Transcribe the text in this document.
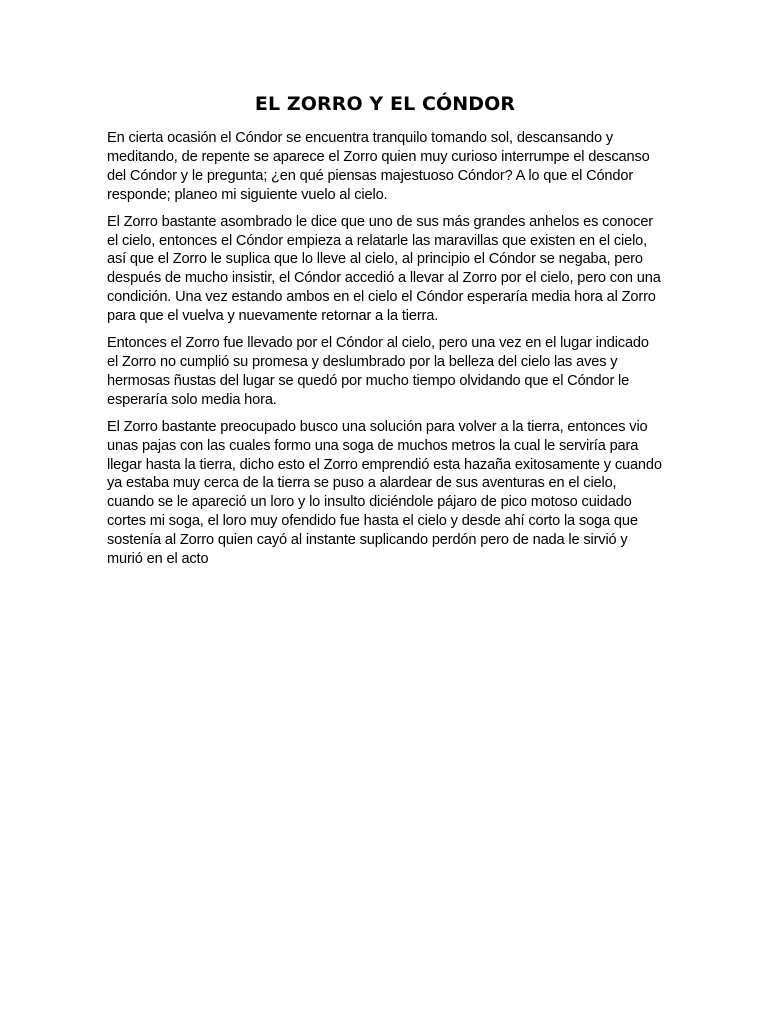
EL ZORRO Y EL CÓNDOR

En cierta ocasión el Cóndor se encuentra tranquilo tomando sol, descansando y meditando, de repente se aparece el Zorro quien muy curioso interrumpe el descanso del Cóndor y le pregunta; ¿en qué piensas majestuoso Cóndor? A lo que el Cóndor responde; planeo mi siguiente vuelo al cielo.

El Zorro bastante asombrado le dice que uno de sus más grandes anhelos es conocer el cielo, entonces el Cóndor empieza a relatarle las maravillas que existen en el cielo, así que el Zorro le suplica que lo lleve al cielo, al principio el Cóndor se negaba, pero después de mucho insistir, el Cóndor accedió a llevar al Zorro por el cielo, pero con una condición. Una vez estando ambos en el cielo el Cóndor esperaría media hora al Zorro para que el vuelva y nuevamente retornar a la tierra.

Entonces el Zorro fue llevado por el Cóndor al cielo, pero una vez en el lugar indicado el Zorro no cumplió su promesa y deslumbrado por la belleza del cielo las aves y hermosas ñustas del lugar se quedó por mucho tiempo olvidando que el Cóndor le esperaría solo media hora.

El Zorro bastante preocupado busco una solución para volver a la tierra, entonces vio unas pajas con las cuales formo una soga de muchos metros la cual le serviría para llegar hasta la tierra, dicho esto el Zorro emprendió esta hazaña exitosamente y cuando ya estaba muy cerca de la tierra se puso a alardear de sus aventuras en el cielo, cuando se le apareció un loro y lo insulto diciéndole pájaro de pico motoso cuidado cortes mi soga, el loro muy ofendido fue hasta el cielo y desde ahí corto la soga que sostenía al Zorro quien cayó al instante suplicando perdón pero de nada le sirvió y murió en el acto
